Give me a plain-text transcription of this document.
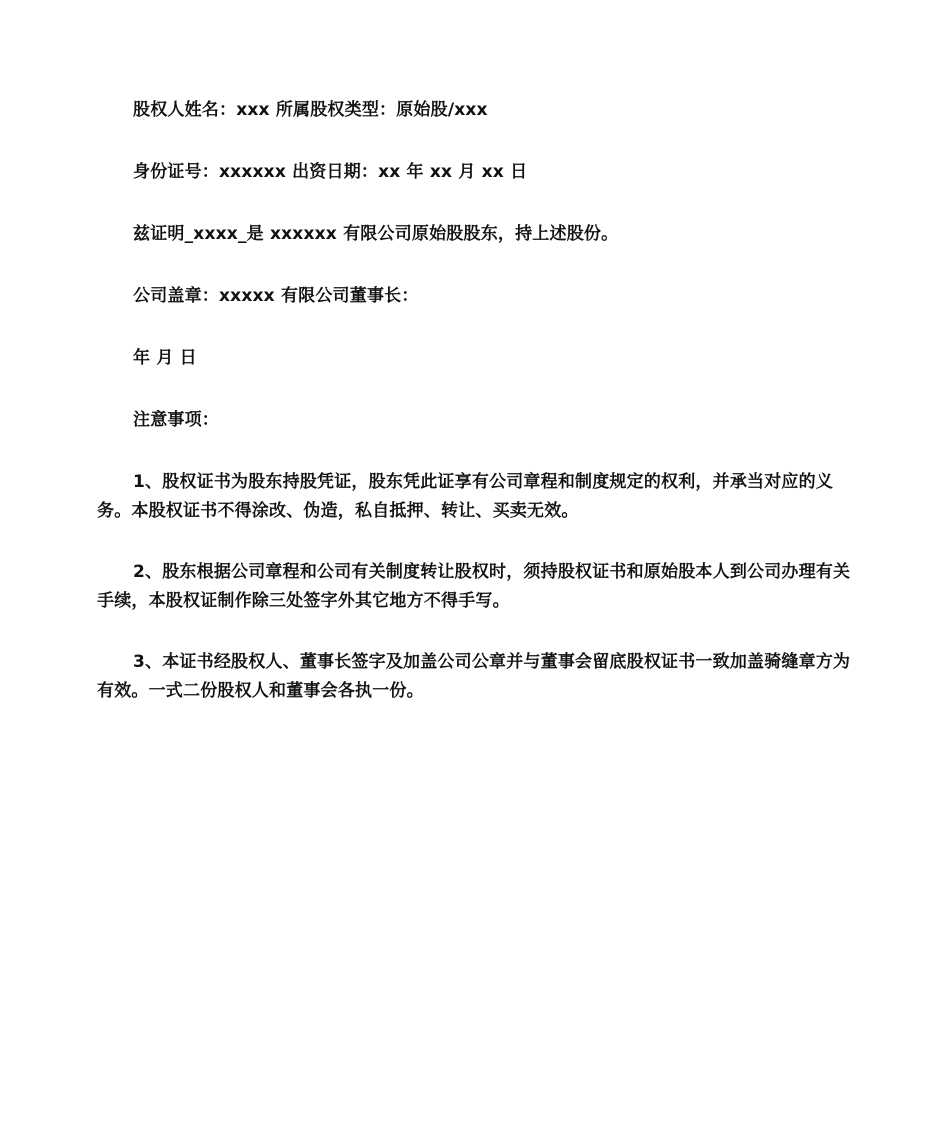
股权人姓名：xxx 所属股权类型：原始股/xxx

身份证号：xxxxxx 出资日期：xx 年 xx 月 xx 日

兹证明_xxxx_是 xxxxxx 有限公司原始股股东，持上述股份。

公司盖章：xxxxx 有限公司董事长：

年 月 日

注意事项：

1、股权证书为股东持股凭证，股东凭此证享有公司章程和制度规定的权利，并承当对应的义务。本股权证书不得涂改、伪造，私自抵押、转让、买卖无效。

2、股东根据公司章程和公司有关制度转让股权时，须持股权证书和原始股本人到公司办理有关手续，本股权证制作除三处签字外其它地方不得手写。

3、本证书经股权人、董事长签字及加盖公司公章并与董事会留底股权证书一致加盖骑缝章方为有效。一式二份股权人和董事会各执一份。
